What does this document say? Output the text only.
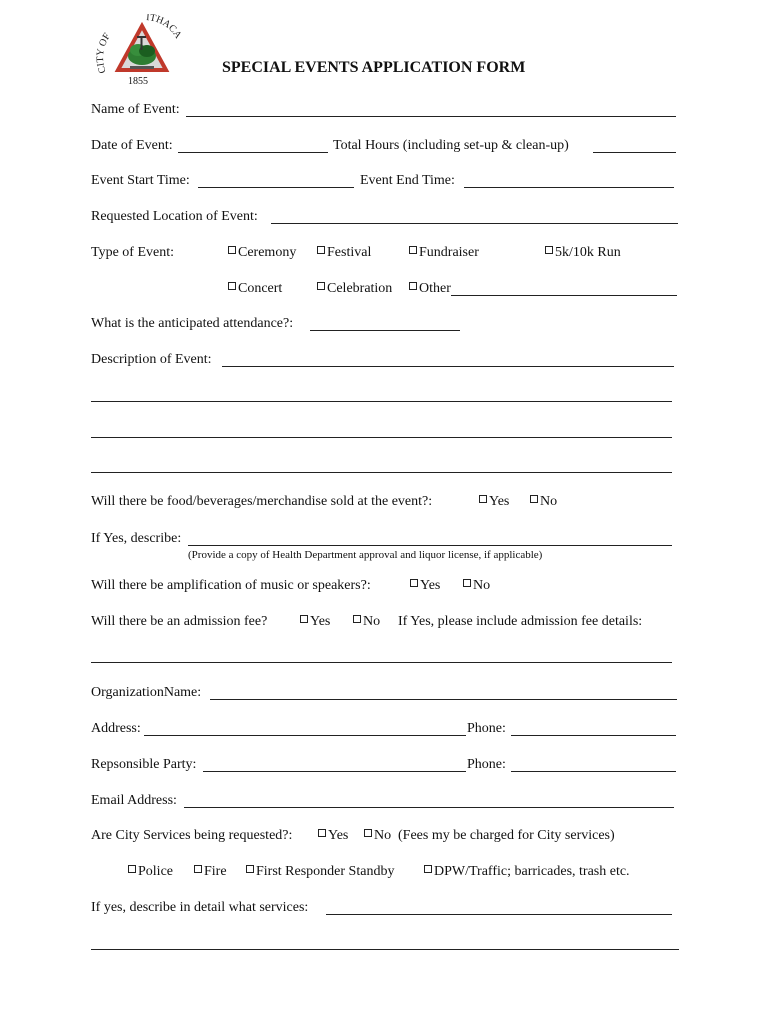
CITY OF
ITHACA
1855
SPECIAL EVENTS APPLICATION FORM
Name of Event:
Date of Event:	Total Hours (including set-up & clean-up)
Event Start Time:	Event End Time:
Requested Location of Event:
Type of Event:	Ceremony	Festival	Fundraiser	5k/10k Run
Concert	Celebration	Other
What is the anticipated attendance?:
Description of Event:
Will there be food/beverages/merchandise sold at the event?:	Yes	No
If Yes, describe:
(Provide a copy of Health Department approval and liquor license, if applicable)
Will there be amplification of music or speakers?:	Yes	No
Will there be an admission fee?	Yes	No If Yes, please include admission fee details:
OrganizationName:
Address:	Phone:
Repsonsible Party:	Phone:
Email Address:
Are City Services being requested?:	Yes	No (Fees my be charged for City services)
Police	Fire	First Responder Standby	DPW/Traffic; barricades, trash etc.
If yes, describe in detail what services:
